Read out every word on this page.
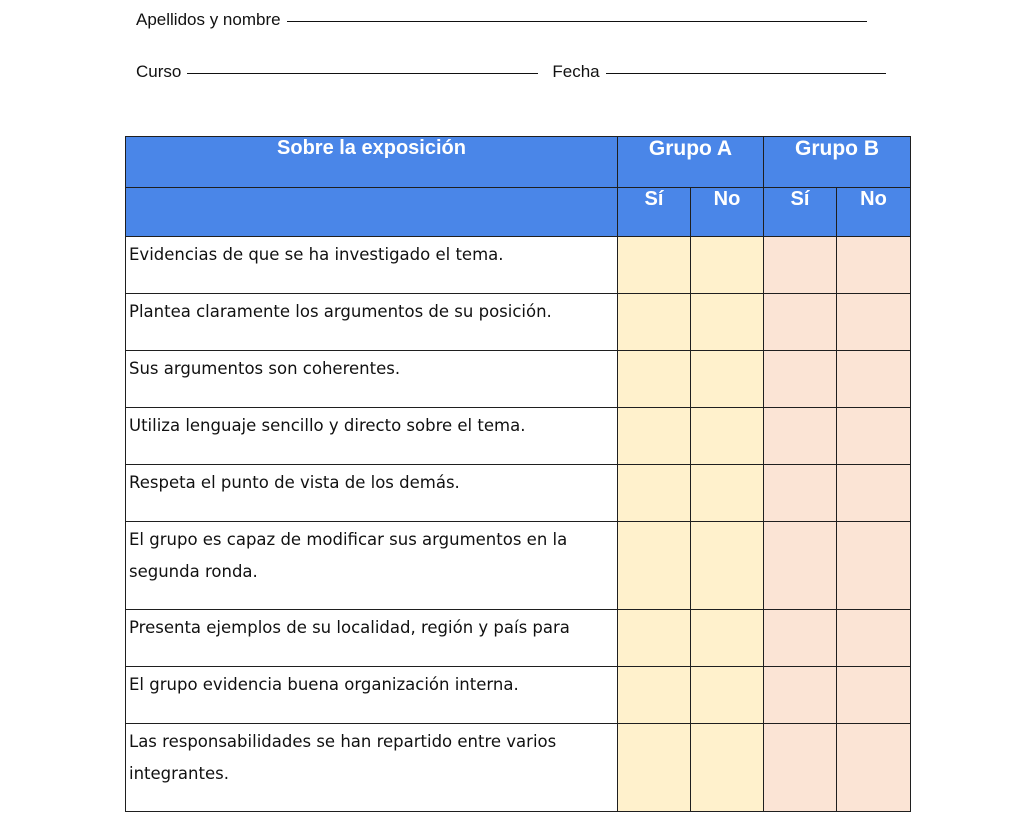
Apellidos y nombre
Curso	Fecha
Sobre la exposición	Grupo A		Grupo B	
	Sí	No	Sí	No
Evidencias de que se ha investigado el tema.				
Plantea claramente los argumentos de su posición.				
Sus argumentos son coherentes.				
Utiliza lenguaje sencillo y directo sobre el tema.				
Respeta el punto de vista de los demás.				
El grupo es capaz de modificar sus argumentos en la segunda ronda.				
Presenta ejemplos de su localidad, región y país para				
El grupo evidencia buena organización interna.				
Las responsabilidades se han repartido entre varios integrantes.				
